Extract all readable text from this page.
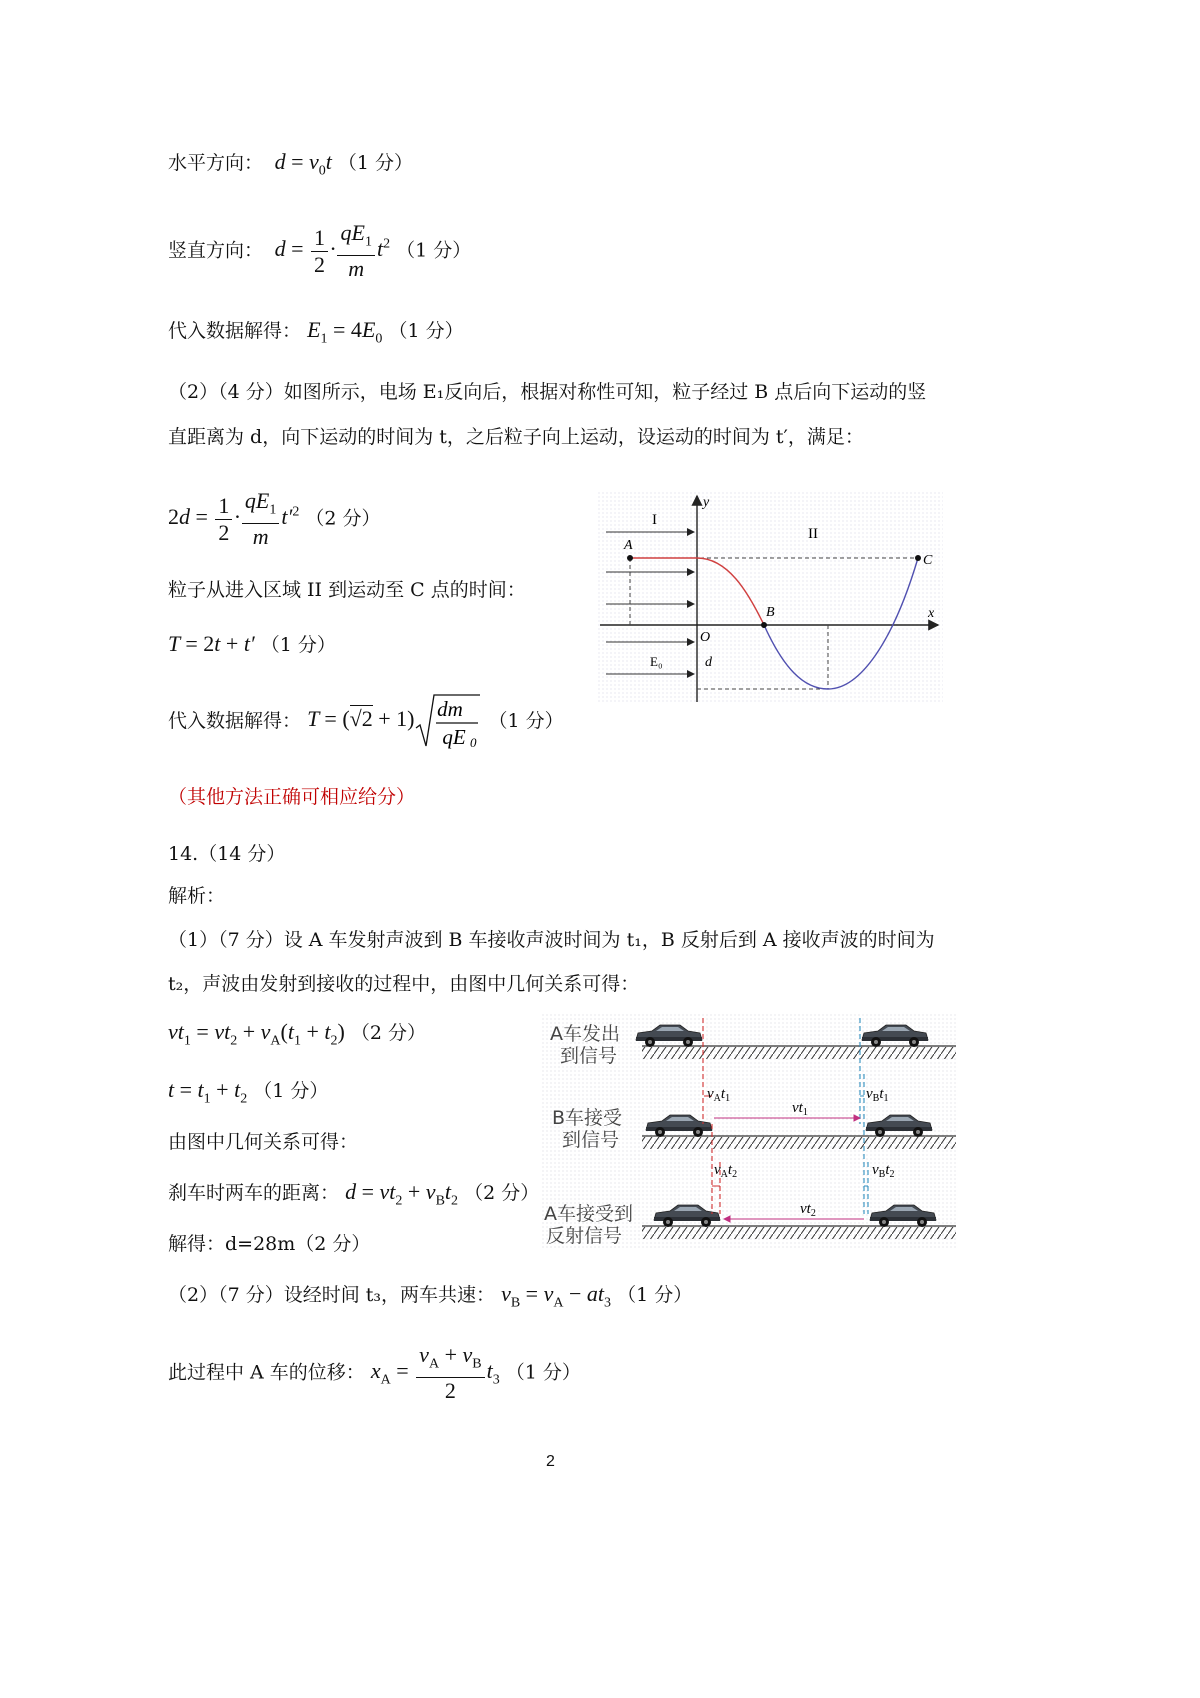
水平方向：  $d = v_0t$ （1 分）
竖直方向：  $d = \frac{1}{2} \cdot \frac{qE_1}{m} t^2$ （1 分）
代入数据解得： $E_1 = 4E_0$ （1 分）
（2）（4 分）如图所示，电场 E₁反向后，根据对称性可知，粒子经过 B 点后向下运动的竖
直距离为 d，向下运动的时间为 t，之后粒子向上运动，设运动的时间为 t′，满足：
$2d = \frac{1}{2} \cdot \frac{qE_1}{m} t'^2$ （2 分）
粒子从进入区域 II 到运动至 C 点的时间：
T = 2t + t′ （1 分）
代入数据解得： T = (√2 + 1) dm
qE 0
（1 分）
（其他方法正确可相应给分）
I
II
y
x
A
B
C
O
E₀	d
14.（14 分）
解析：
（1）（7 分）设 A 车发射声波到 B 车接收声波时间为 t₁，B 反射后到 A 接收声波的时间为
t₂，声波由发射到接收的过程中，由图中几何关系可得：
$vt_1 = vt_2 + v_A(t_1 + t_2)$ （2 分）
$t = t_1 + t_2$ （1 分）
由图中几何关系可得：
刹车时两车的距离： $d = vt_2 + v_Bt_2$ （2 分）
解得：d=28m（2 分）
（2）（7 分）设经时间 t₃，两车共速： $v_B = v_A - at_3$ （1 分）
此过程中 A 车的位移： $x_A = \frac{v_A + v_B}{2} t_3$ （1 分）
$v_At_1$
$vt_1$
$v_Bt_1$
$v_At_2$
$vt_2$
$v_Bt_2$
A车发出
到信号
B车接受
到信号
A车接受到
反射信号
2
